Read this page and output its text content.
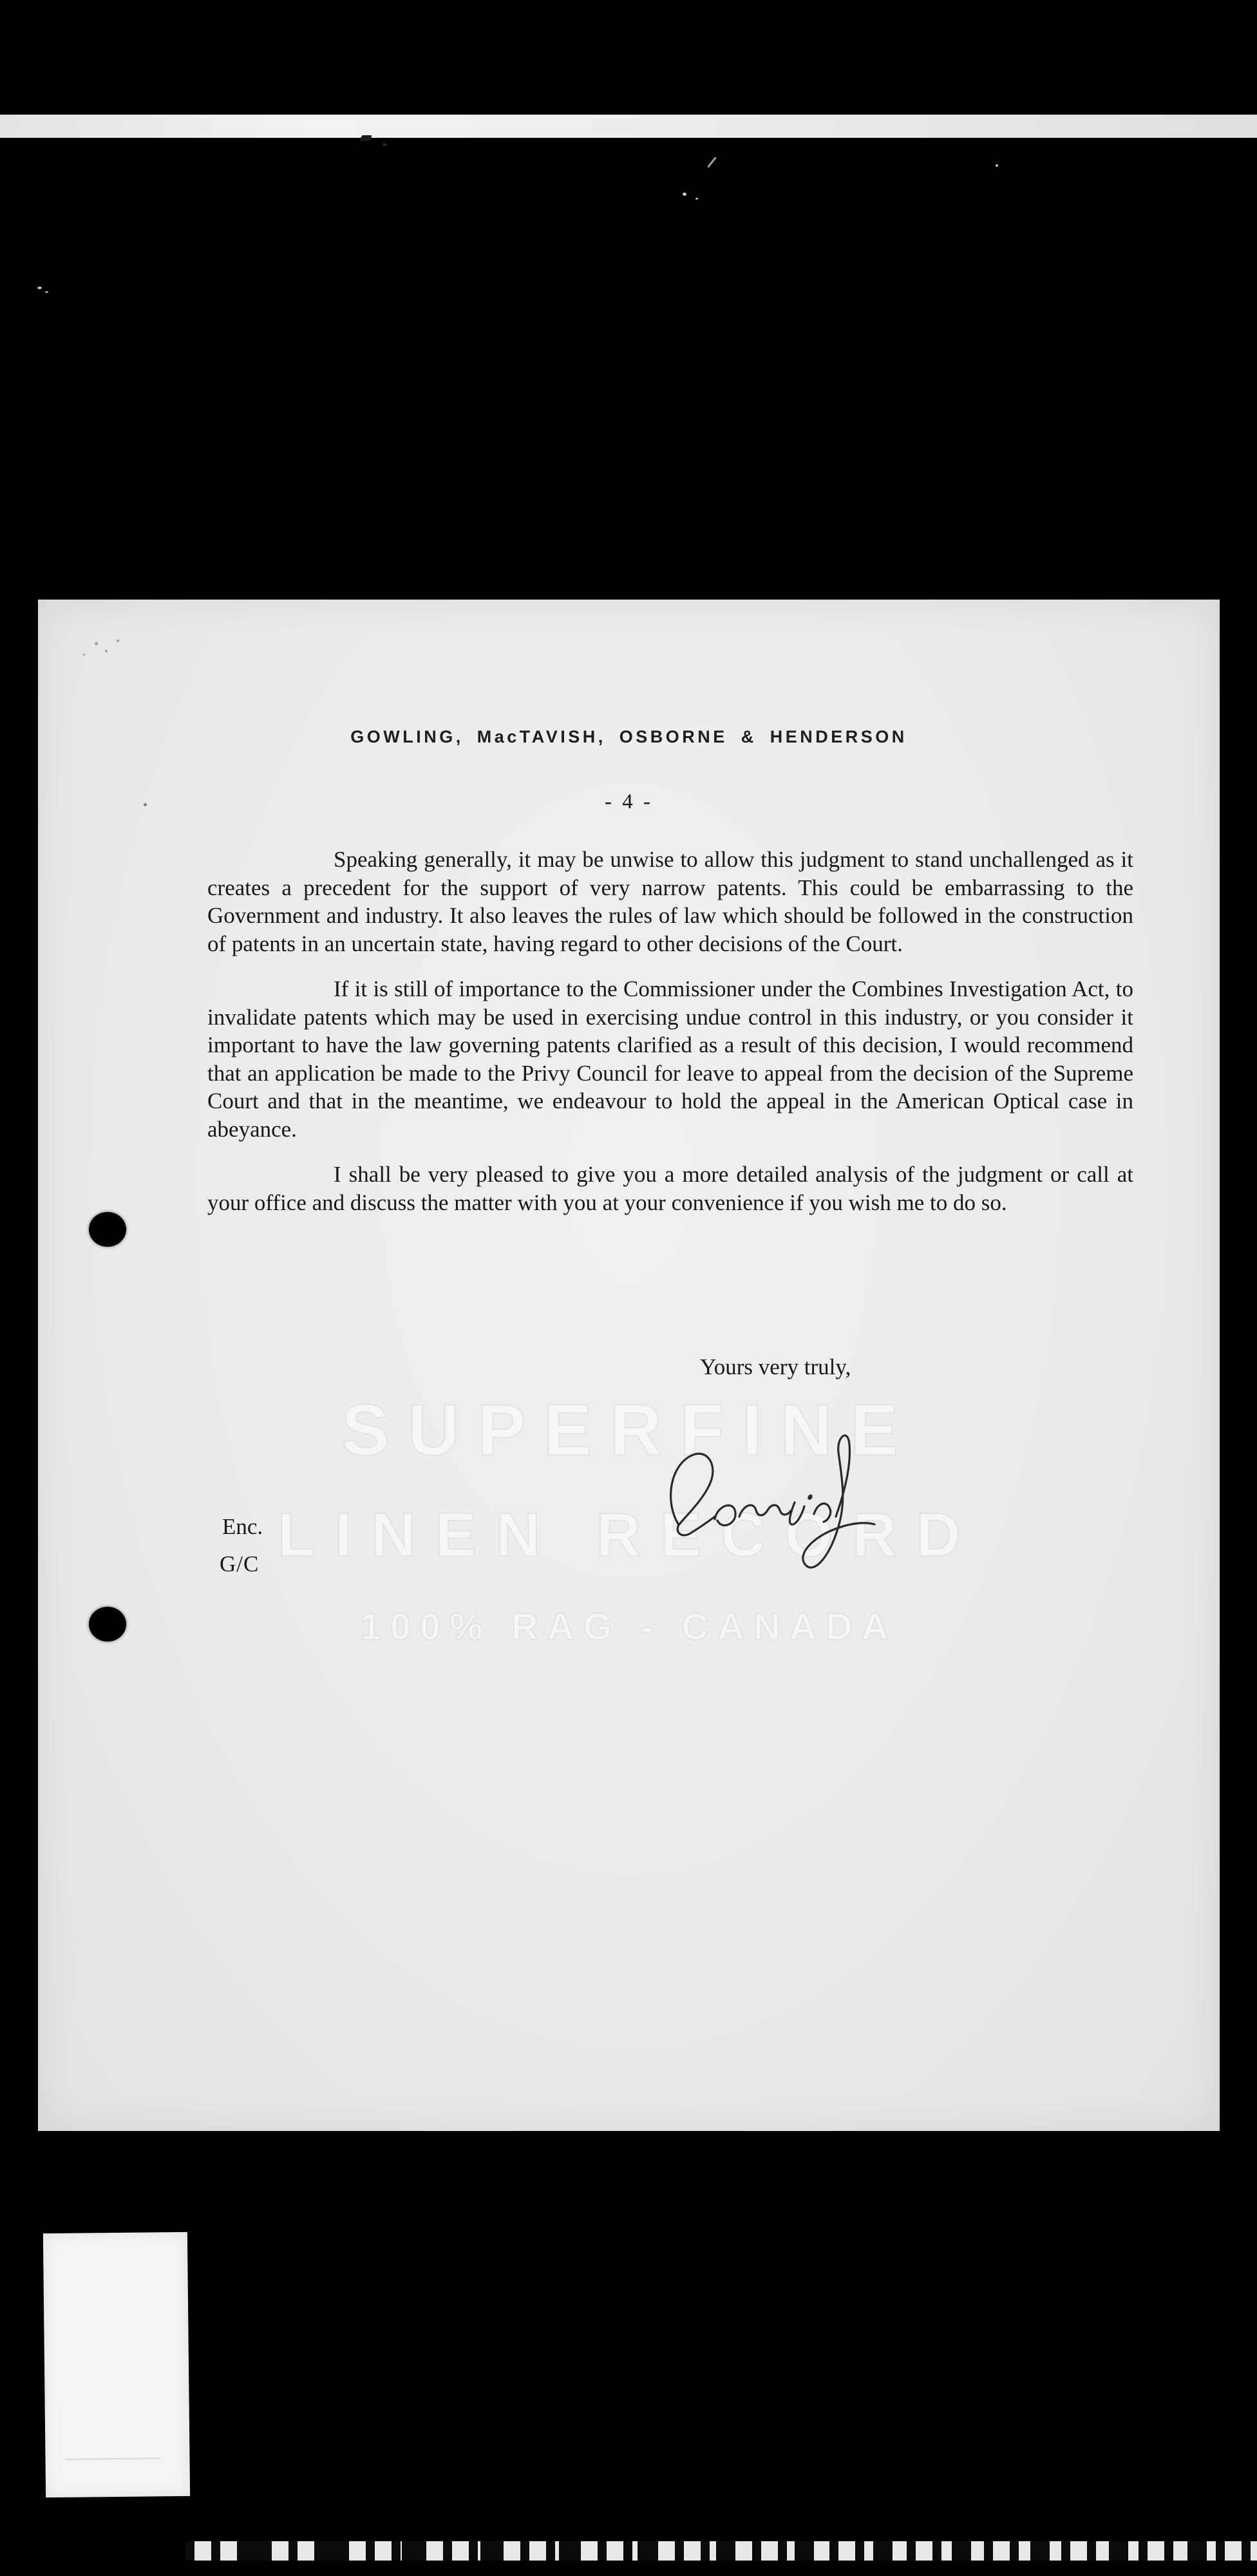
SUPERFINE
LINEN RECORD
100% RAG - CANADA
GOWLING, MacTAVISH, OSBORNE & HENDERSON
- 4 -

Speaking generally, it may be unwise to allow this judgment to stand unchallenged as it creates a precedent for the support of very narrow patents. This could be embarrassing to the Government and industry. It also leaves the rules of law which should be followed in the construction of patents in an uncertain state, having regard to other decisions of the Court.

If it is still of importance to the Commissioner under the Combines Investigation Act, to invalidate patents which may be used in exercising undue control in this industry, or you consider it important to have the law governing patents clarified as a result of this decision, I would recommend that an application be made to the Privy Council for leave to appeal from the decision of the Supreme Court and that in the meantime, we endeavour to hold the appeal in the American Optical case in abeyance.

I shall be very pleased to give you a more detailed analysis of the judgment or call at your office and discuss the matter with you at your convenience if you wish me to do so.

Yours very truly,
Enc.
G/C
